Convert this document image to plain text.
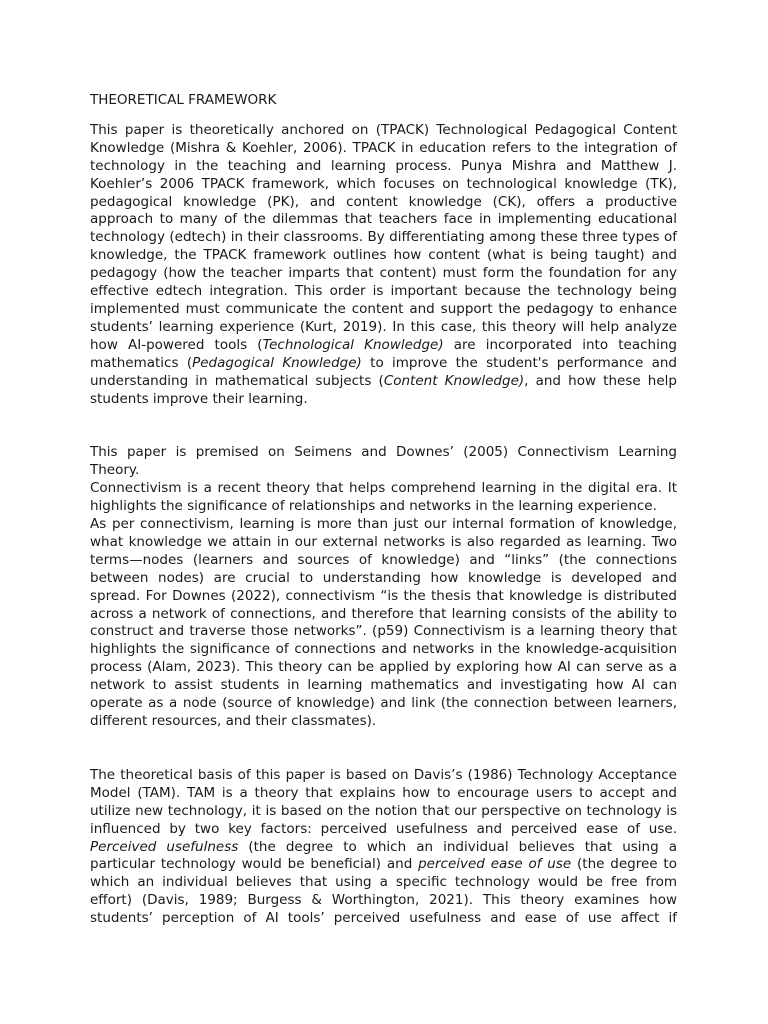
THEORETICAL FRAMEWORK

This paper is theoretically anchored on (TPACK) Technological Pedagogical Content Knowledge (Mishra & Koehler, 2006). TPACK in education refers to the integration of technology in the teaching and learning process. Punya Mishra and Matthew J. Koehler’s 2006 TPACK framework, which focuses on technological knowledge (TK), pedagogical knowledge (PK), and content knowledge (CK), offers a productive approach to many of the dilemmas that teachers face in implementing educational technology (edtech) in their classrooms. By differentiating among these three types of knowledge, the TPACK framework outlines how content (what is being taught) and pedagogy (how the teacher imparts that content) must form the foundation for any effective edtech integration. This order is important because the technology being implemented must communicate the content and support the pedagogy to enhance students’ learning experience (Kurt, 2019). In this case, this theory will help analyze how AI-powered tools (Technological Knowledge) are incorporated into teaching mathematics (Pedagogical Knowledge) to improve the student's performance and understanding in mathematical subjects (Content Knowledge), and how these help students improve their learning.

This paper is premised on Seimens and Downes’ (2005) Connectivism Learning Theory.

Connectivism is a recent theory that helps comprehend learning in the digital era. It highlights the significance of relationships and networks in the learning experience.

As per connectivism, learning is more than just our internal formation of knowledge, what knowledge we attain in our external networks is also regarded as learning. Two terms—nodes (learners and sources of knowledge) and “links” (the connections between nodes) are crucial to understanding how knowledge is developed and spread. For Downes (2022), connectivism “is the thesis that knowledge is distributed across a network of connections, and therefore that learning consists of the ability to construct and traverse those networks”. (p59) Connectivism is a learning theory that highlights the significance of connections and networks in the knowledge-acquisition process (Alam, 2023). This theory can be applied by exploring how AI can serve as a network to assist students in learning mathematics and investigating how AI can operate as a node (source of knowledge) and link (the connection between learners, different resources, and their classmates).

The theoretical basis of this paper is based on Davis’s (1986) Technology Acceptance Model (TAM). TAM is a theory that explains how to encourage users to accept and utilize new technology, it is based on the notion that our perspective on technology is influenced by two key factors: perceived usefulness and perceived ease of use. Perceived usefulness (the degree to which an individual believes that using a particular technology would be beneficial) and perceived ease of use (the degree to which an individual believes that using a specific technology would be free from effort) (Davis, 1989; Burgess & Worthington, 2021). This theory examines how students’ perception of AI tools’ perceived usefulness and ease of use affect if
